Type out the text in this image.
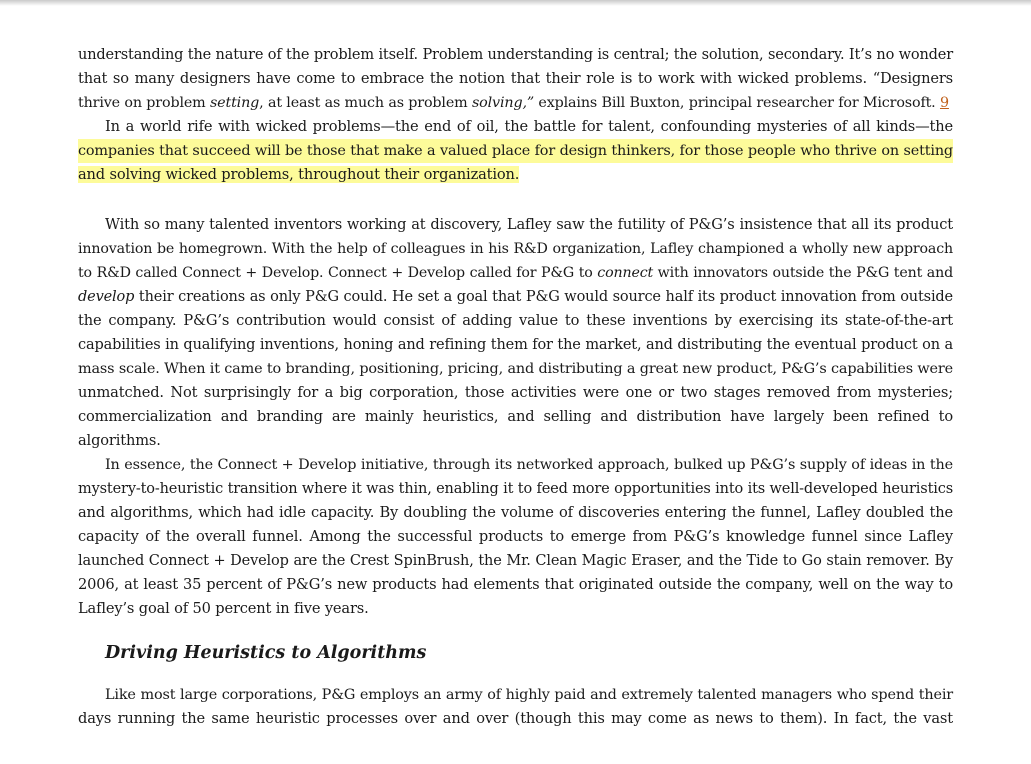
understanding the nature of the problem itself. Problem understanding is central; the solution, secondary. It’s no wonder
that so many designers have come to embrace the notion that their role is to work with wicked problems. “Designers
thrive on problem setting, at least as much as problem solving,” explains Bill Buxton, principal researcher for Microsoft. 9
In a world rife with wicked problems—the end of oil, the battle for talent, confounding mysteries of all kinds—the
companies that succeed will be those that make a valued place for design thinkers, for those people who thrive on setting
and solving wicked problems, throughout their organization.
With so many talented inventors working at discovery, Lafley saw the futility of P&G’s insistence that all its product
innovation be homegrown. With the help of colleagues in his R&D organization, Lafley championed a wholly new approach
to R&D called Connect + Develop. Connect + Develop called for P&G to connect with innovators outside the P&G tent and
develop their creations as only P&G could. He set a goal that P&G would source half its product innovation from outside
the company. P&G’s contribution would consist of adding value to these inventions by exercising its state-of-the-art
capabilities in qualifying inventions, honing and refining them for the market, and distributing the eventual product on a
mass scale. When it came to branding, positioning, pricing, and distributing a great new product, P&G’s capabilities were
unmatched. Not surprisingly for a big corporation, those activities were one or two stages removed from mysteries;
commercialization and branding are mainly heuristics, and selling and distribution have largely been refined to
algorithms.
In essence, the Connect + Develop initiative, through its networked approach, bulked up P&G’s supply of ideas in the
mystery-to-heuristic transition where it was thin, enabling it to feed more opportunities into its well-developed heuristics
and algorithms, which had idle capacity. By doubling the volume of discoveries entering the funnel, Lafley doubled the
capacity of the overall funnel. Among the successful products to emerge from P&G’s knowledge funnel since Lafley
launched Connect + Develop are the Crest SpinBrush, the Mr. Clean Magic Eraser, and the Tide to Go stain remover. By
2006, at least 35 percent of P&G’s new products had elements that originated outside the company, well on the way to
Lafley’s goal of 50 percent in five years.
Driving Heuristics to Algorithms
Like most large corporations, P&G employs an army of highly paid and extremely talented managers who spend their
days running the same heuristic processes over and over (though this may come as news to them). In fact, the vast
